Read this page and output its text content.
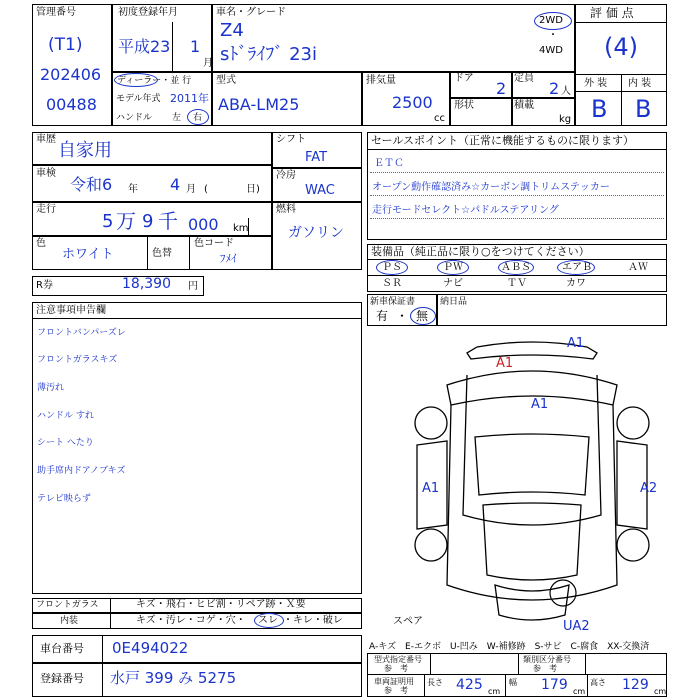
管理番号
(T1)
202406
00488
初度登録年月
平成23 1
月
車名・グレード
Z4
sﾄﾞﾗｲﾌﾞ 23i
2WD
・
4WD
評 価 点
(4)
外 装 内 装
B B
ディーラー・並 行
モデル年式 2011年
ハンドル 左 右
型式
ABA-LM25
排気量
2500
cc
ドア
2
定員
2 人
形状	積載
kg
車歴
自家用
車検
令和6 年 4 月 (	日)
走行
5 万 9 千 000 km
色
ホワイト	色替
色コード
ﾌﾒｲ
シフト
FAT
冷房
WAC
燃料
ガソリン
R券	18,390 円
セールスポイント（正常に機能するものに限ります）
ＥＴＣ
オープン動作確認済み☆カーボン調トリムステッカー
走行モードセレクト☆パドルステアリング
装備品（純正品に限り○をつけてください）
ＰＳ	ＰＷ	ＡＢＳ	エアＢ	ＡＷ
ＳＲ	ナビ	ＴＶ	カワ
新車保証書
有 ・ 無
納日品
注意事項申告欄
フロントバンパーズレ
フロントガラスキズ
薄汚れ
ハンドル すれ
シート へたり
助手席内ドアノブキズ
テレビ映らず
フロントガラス	キズ・飛石・ヒビ割・リペア跡・Ｘ要
内装	キズ・汚レ・コゲ・穴・ スレ ・キレ・破レ
A1
A1
A1
A1	A2
UA2
スペア
A-キズ　E-エクボ　U-凹み　W-補修跡　S-サビ　C-腐食　XX-交換済
車台番号 0E494022
登録番号 水戸 399 み 5275
型式指定番号
参　考
類別区分番号
参　考
車両証明用
参　考
長さ 425 cm
幅 179 cm
高さ 129 cm
